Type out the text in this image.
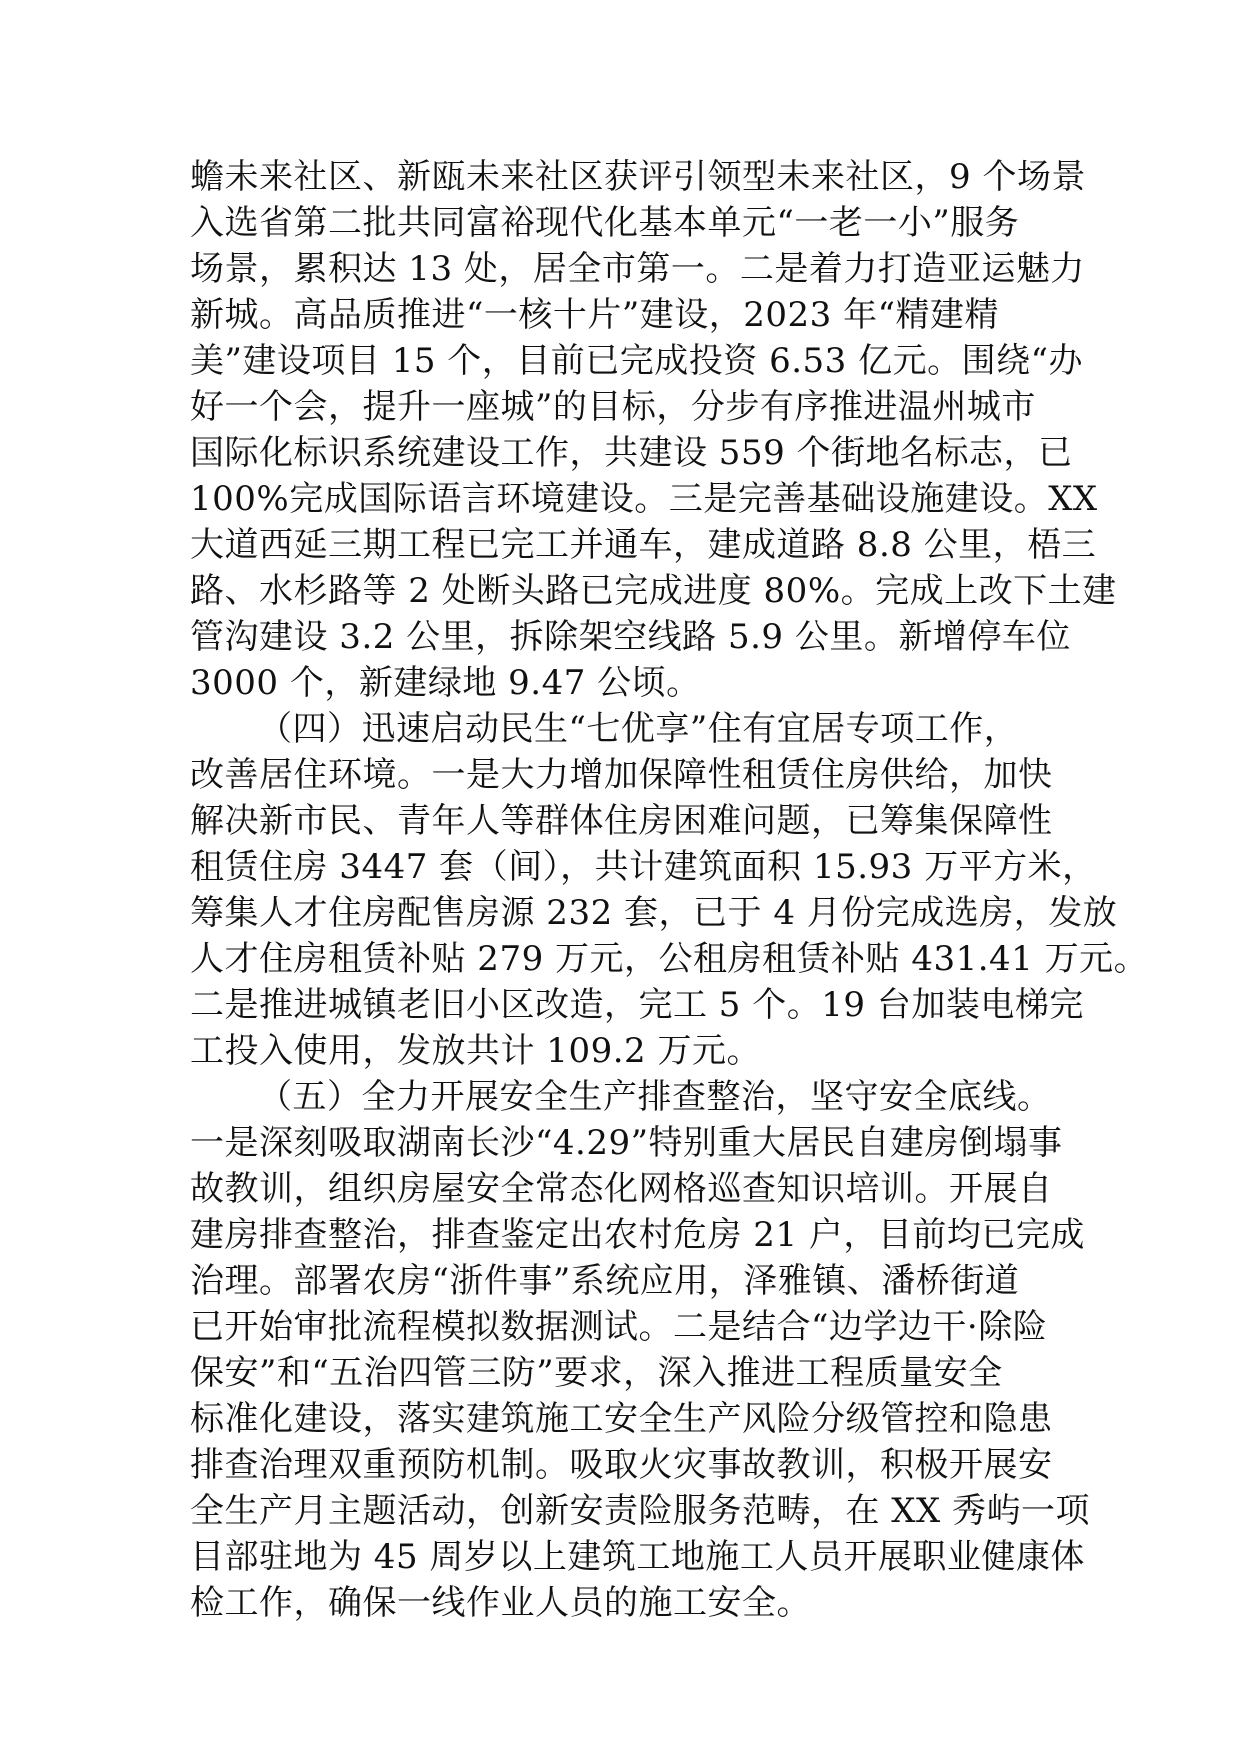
蟾未来社区、新瓯未来社区获评引领型未来社区，9 个场景
入选省第二批共同富裕现代化基本单元“一老一小”服务
场景，累积达 13 处，居全市第一。二是着力打造亚运魅力
新城。高品质推进“一核十片”建设，2023 年“精建精
美”建设项目 15 个，目前已完成投资 6.53 亿元。围绕“办
好一个会，提升一座城”的目标，分步有序推进温州城市
国际化标识系统建设工作，共建设 559 个街地名标志，已
100%完成国际语言环境建设。三是完善基础设施建设。XX
大道西延三期工程已完工并通车，建成道路 8.8 公里，梧三
路、水杉路等 2 处断头路已完成进度 80%。完成上改下土建
管沟建设 3.2 公里，拆除架空线路 5.9 公里。新增停车位
3000 个，新建绿地 9.47 公顷。
（四）迅速启动民生“七优享”住有宜居专项工作，
改善居住环境。一是大力增加保障性租赁住房供给，加快
解决新市民、青年人等群体住房困难问题，已筹集保障性
租赁住房 3447 套（间），共计建筑面积 15.93 万平方米，
筹集人才住房配售房源 232 套，已于 4 月份完成选房，发放
人才住房租赁补贴 279 万元，公租房租赁补贴 431.41 万元。
二是推进城镇老旧小区改造，完工 5 个。19 台加装电梯完
工投入使用，发放共计 109.2 万元。
（五）全力开展安全生产排查整治，坚守安全底线。
一是深刻吸取湖南长沙“4.29”特别重大居民自建房倒塌事
故教训，组织房屋安全常态化网格巡查知识培训。开展自
建房排查整治，排查鉴定出农村危房 21 户，目前均已完成
治理。部署农房“浙件事”系统应用，泽雅镇、潘桥街道
已开始审批流程模拟数据测试。二是结合“边学边干·除险
保安”和“五治四管三防”要求，深入推进工程质量安全
标准化建设，落实建筑施工安全生产风险分级管控和隐患
排查治理双重预防机制。吸取火灾事故教训，积极开展安
全生产月主题活动，创新安责险服务范畴，在 XX 秀屿一项
目部驻地为 45 周岁以上建筑工地施工人员开展职业健康体
检工作，确保一线作业人员的施工安全。
